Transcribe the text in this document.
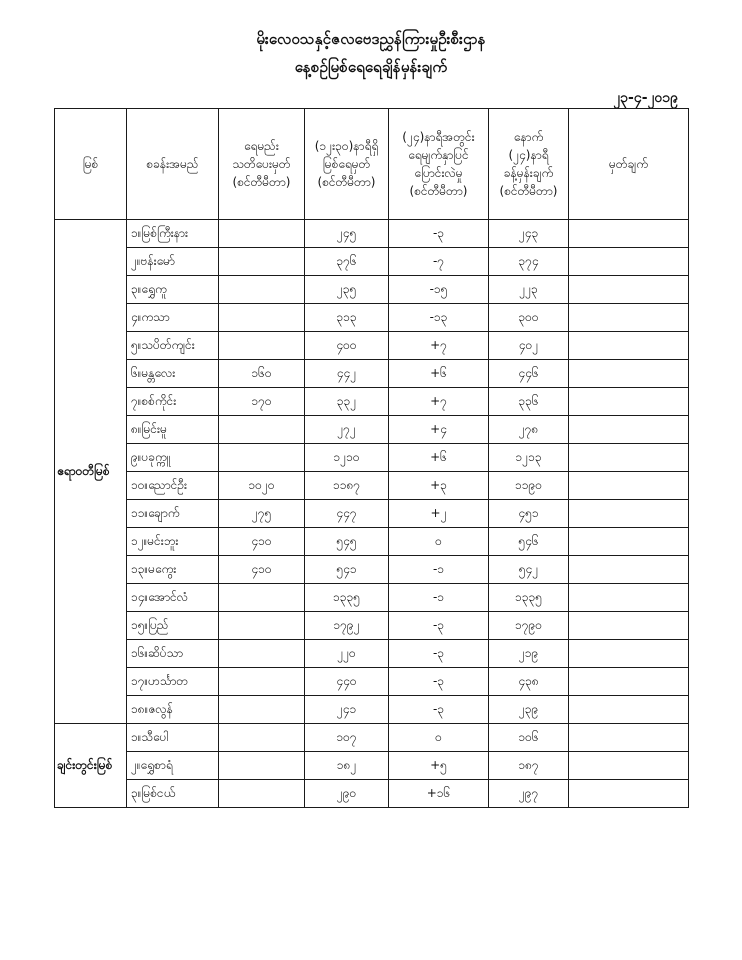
မိုးလေဝသနှင့်ဇလဗေဒညွှန်ကြားမှုဦးစီးဌာန
နေ့စဉ်မြစ်ရေရေချိန်မှန်းချက်
၂၃-၄-၂၀၁၉
မြစ်	စခန်းအမည်	ရေမည်း
သတိပေးမှတ်
(စင်တီမီတာ)	(၁၂း၃၀)နာရီရှိ
မြစ်ရေမှတ်
(စင်တီမီတာ)	(၂၄)နာရီအတွင်း
ရေမျက်နှာပြင်
ပြောင်းလဲမှု
(စင်တီမီတာ)	နောက်
(၂၄)နာရီ
ခန့်မှန်းချက်
(စင်တီမီတာ)	မှတ်ချက်
ဧရာဝတီမြစ်	၁။မြစ်ကြီးနား		၂၄၅	-၃	၂၄၃	
	၂။ဗန်းမော်		၃၇၆	-၇	၃၇၄	
	၃။ရွှေကူ		၂၃၅	-၁၅	၂၂၃	
	၄။ကသာ		၃၁၃	-၁၃	၃၀၀	
	၅။သပိတ်ကျင်း		၄၀၀	+၇	၄၀၂	
	၆။မန္တလေး	၁၆၀	၄၄၂	+၆	၄၄၆	
	၇။စစ်ကိုင်း	၁၇၀	၃၃၂	+၇	၃၃၆	
	၈။မြင်းမူ		၂၇၂	+၄	၂၇၈	
	၉။ပခုက္ကူ		၁၂၁၀	+၆	၁၂၁၃	
	၁၀။ညောင်ဦး	၁၀၂၀	၁၁၈၇	+၃	၁၁၉၀	
	၁၁။ချောက်	၂၇၅	၄၄၇	+၂	၄၅၁	
	၁၂။မင်းဘူး	၄၁၀	၅၄၅	၀	၅၄၆	
	၁၃။မကွေး	၄၁၀	၅၄၁	-၁	၅၄၂	
	၁၄။အောင်လံ		၁၃၃၅	-၁	၁၃၃၅	
	၁၅။ပြည်		၁၇၉၂	-၃	၁၇၉၀	
	၁၆။ဆိပ်သာ		၂၂၀	-၃	၂၁၉	
	၁၇။ဟင်္သာတ		၄၄၀	-၃	၄၃၈	
	၁၈။ဇလွန်		၂၄၁	-၃	၂၃၉	
ချင်းတွင်းမြစ်	၁။သီပေါ		၁၀၇	၀	၁၀၆	
	၂။ရွှေစာရံ		၁၈၂	+၅	၁၈၇	
	၃။မြစ်ငယ်		၂၉၀	+၁၆	၂၉၇	
